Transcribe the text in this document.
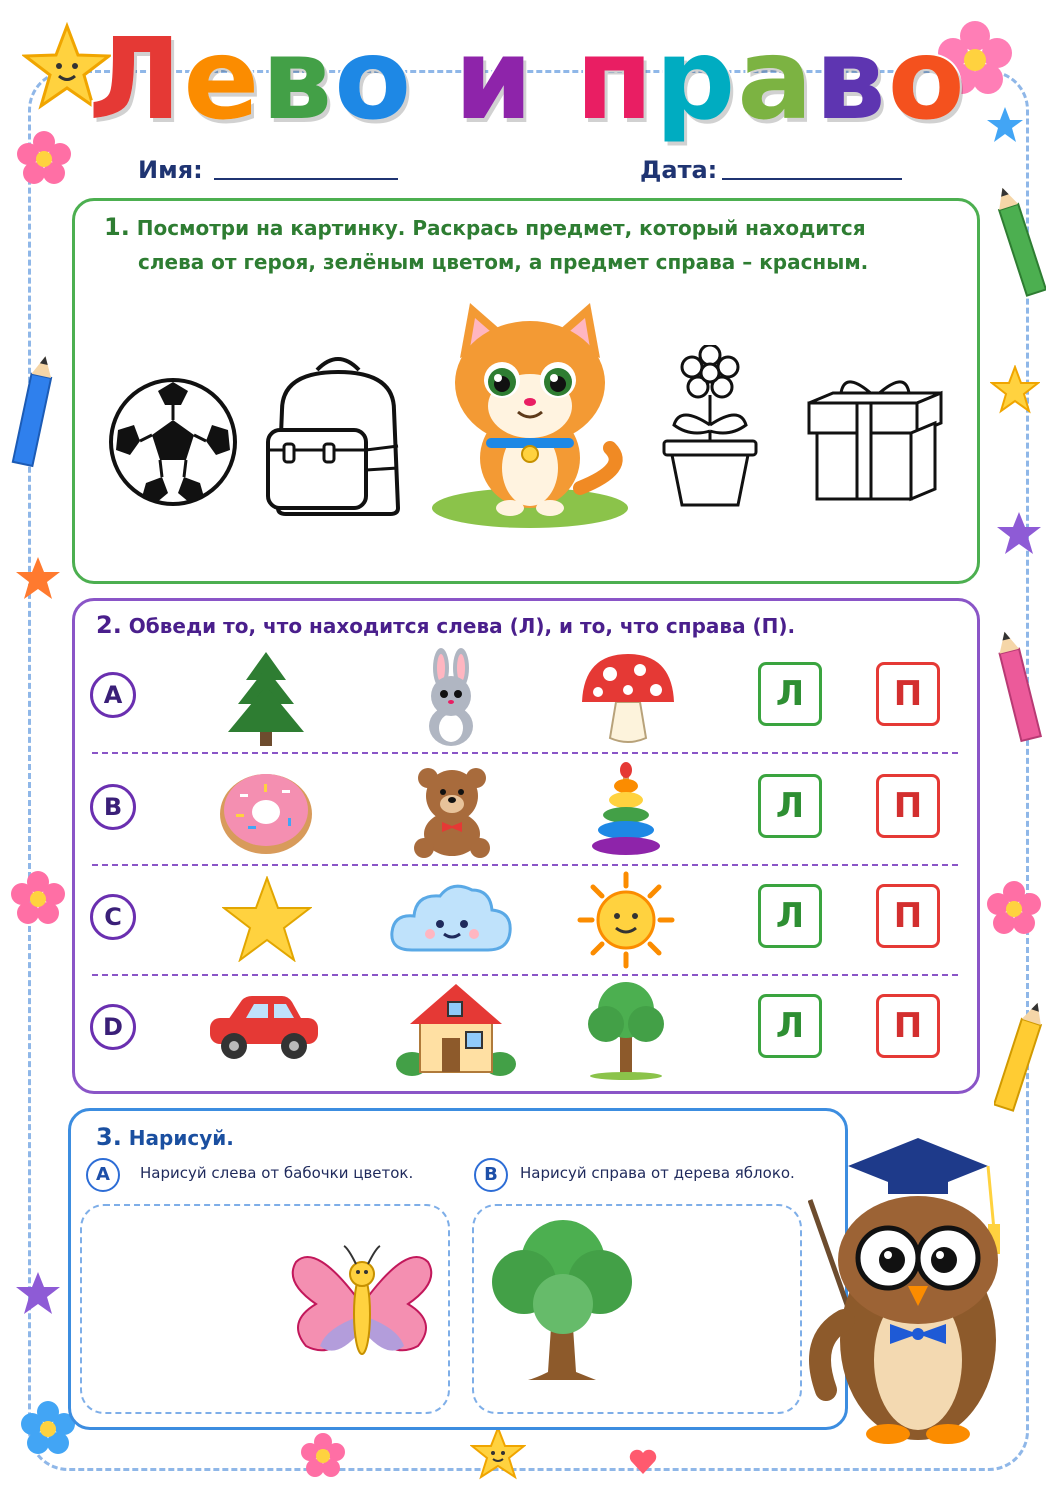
Лево и право
Имя:	Дата:
1. Посмотри на картинку. Раскрась предмет, который находится
слева от героя, зелёным цветом, а предмет справа – красным.
2. Обведи то, что находится слева (Л), и то, что справа (П).
A	Л	П
B	Л	П
C	Л	П
D	Л	П
3. Нарисуй.
A	Нарисуй слева от бабочки цветок.	B	Нарисуй справа от дерева яблоко.
